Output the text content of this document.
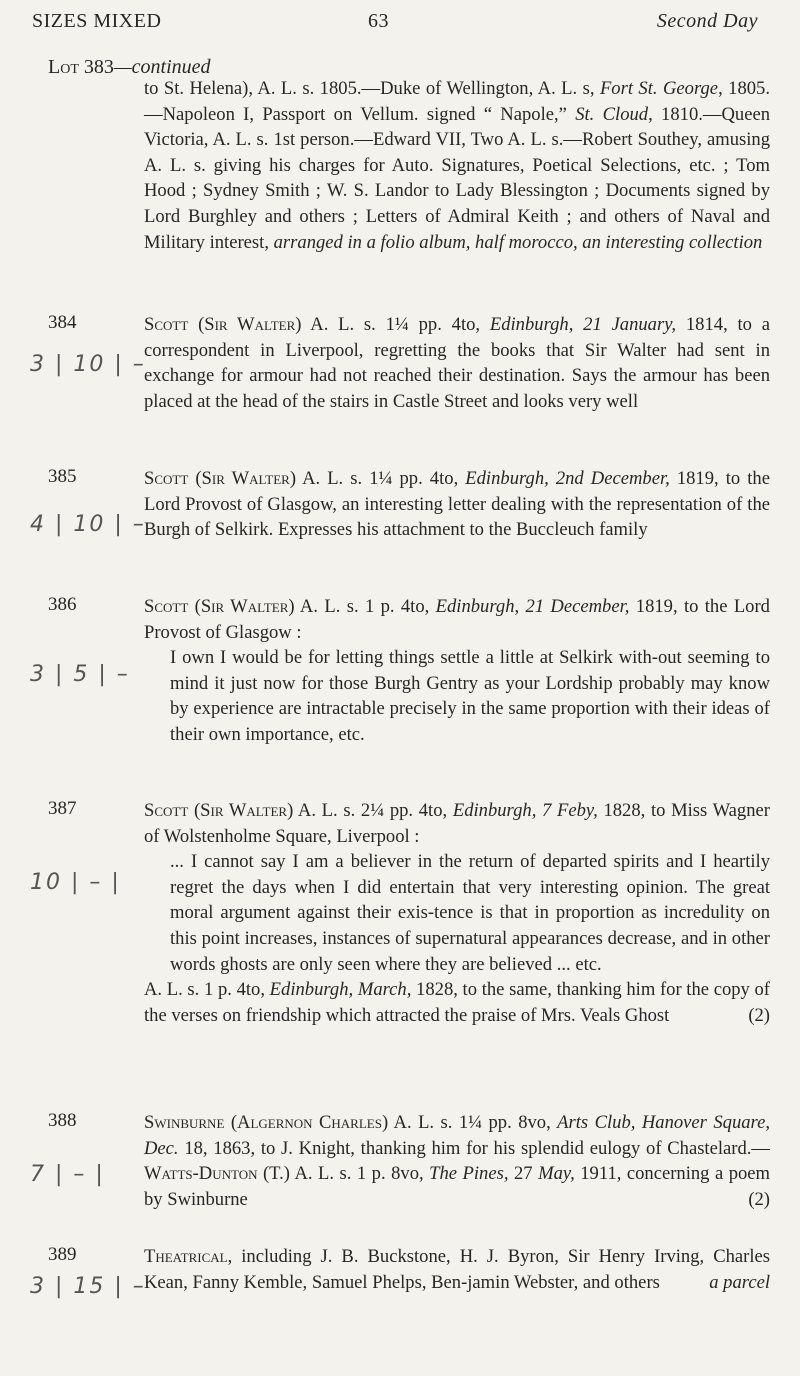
SIZES MIXED	63	Second Day
Lot 383—continued
to St. Helena), A. L. s. 1805.—Duke of Wellington, A. L. s, Fort St. George, 1805.—Napoleon I, Passport on Vellum. signed “ Napole,” St. Cloud, 1810.—Queen Victoria, A. L. s. 1st person.—Edward VII, Two A. L. s.—Robert Southey, amusing A. L. s. giving his charges for Auto. Signatures, Poetical Selections, etc. ; Tom Hood ; Sydney Smith ; W. S. Landor to Lady Blessington ; Documents signed by Lord Burghley and others ; Letters of Admiral Keith ; and others of Naval and Military interest, arranged in a folio album, half morocco, an interesting collection
384
3 | 10 | –
Scott (Sir Walter) A. L. s. 1¼ pp. 4to, Edinburgh, 21 January, 1814, to a correspondent in Liverpool, regretting the books that Sir Walter had sent in exchange for armour had not reached their destination. Says the armour has been placed at the head of the stairs in Castle Street and looks very well
385
4 | 10 | –
Scott (Sir Walter) A. L. s. 1¼ pp. 4to, Edinburgh, 2nd December, 1819, to the Lord Provost of Glasgow, an interesting letter dealing with the representation of the Burgh of Selkirk. Expresses his attachment to the Buccleuch family
386
3 | 5 | –
Scott (Sir Walter) A. L. s. 1 p. 4to, Edinburgh, 21 December, 1819, to the Lord Provost of Glasgow :
I own I would be for letting things settle a little at Selkirk with-out seeming to mind it just now for those Burgh Gentry as your Lordship probably may know by experience are intractable precisely in the same proportion with their ideas of their own importance, etc.
387
10 | – |
Scott (Sir Walter) A. L. s. 2¼ pp. 4to, Edinburgh, 7 Feby, 1828, to Miss Wagner of Wolstenholme Square, Liverpool :
... I cannot say I am a believer in the return of departed spirits and I heartily regret the days when I did entertain that very interesting opinion. The great moral argument against their exis-tence is that in proportion as incredulity on this point increases, instances of supernatural appearances decrease, and in other words ghosts are only seen where they are believed ... etc.
A. L. s. 1 p. 4to, Edinburgh, March, 1828, to the same, thanking him for the copy of the verses on friendship which attracted the praise of Mrs. Veals Ghost	(2)
388
7 | – |
Swinburne (Algernon Charles) A. L. s. 1¼ pp. 8vo, Arts Club, Hanover Square, Dec. 18, 1863, to J. Knight, thanking him for his splendid eulogy of Chastelard.—Watts-Dunton (T.) A. L. s. 1 p. 8vo, The Pines, 27 May, 1911, concerning a poem by Swinburne	(2)
389
3 | 15 | –
Theatrical, including J. B. Buckstone, H. J. Byron, Sir Henry Irving, Charles Kean, Fanny Kemble, Samuel Phelps, Ben-jamin Webster, and others	a parcel
